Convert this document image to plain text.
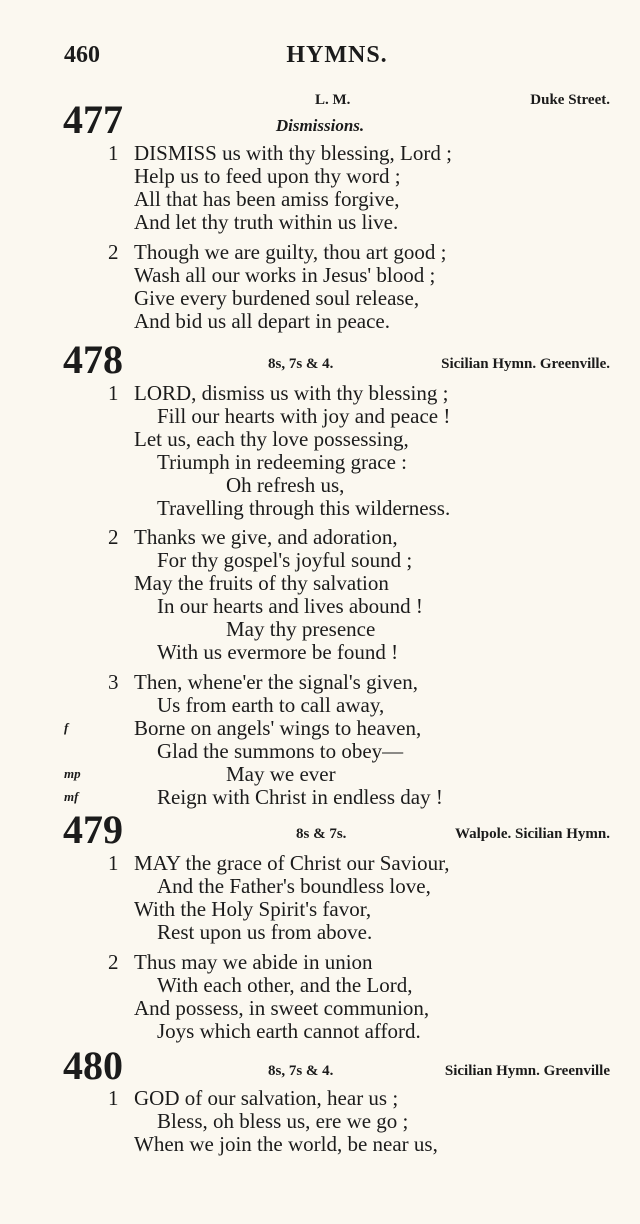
460	HYMNS.
477	L. M.	Duke Street.
Dismissions.
1 DISMISS us with thy blessing, Lord ;
Help us to feed upon thy word ;
All that has been amiss forgive,
And let thy truth within us live.
2 Though we are guilty, thou art good ;
Wash all our works in Jesus' blood ;
Give every burdened soul release,
And bid us all depart in peace.
478	8s, 7s & 4.	Sicilian Hymn. Greenville.
1 LORD, dismiss us with thy blessing ;
Fill our hearts with joy and peace !
Let us, each thy love possessing,
Triumph in redeeming grace :
Oh refresh us,
Travelling through this wilderness.
2 Thanks we give, and adoration,
For thy gospel's joyful sound ;
May the fruits of thy salvation
In our hearts and lives abound !
May thy presence
With us evermore be found !
3 Then, whene'er the signal's given,
Us from earth to call away,
f	Borne on angels' wings to heaven,
Glad the summons to obey—
mp	May we ever
mf	Reign with Christ in endless day !
479	8s & 7s.	Walpole. Sicilian Hymn.
1 MAY the grace of Christ our Saviour,
And the Father's boundless love,
With the Holy Spirit's favor,
Rest upon us from above.
2 Thus may we abide in union
With each other, and the Lord,
And possess, in sweet communion,
Joys which earth cannot afford.
480	8s, 7s & 4.	Sicilian Hymn. Greenville
1 GOD of our salvation, hear us ;
Bless, oh bless us, ere we go ;
When we join the world, be near us,
